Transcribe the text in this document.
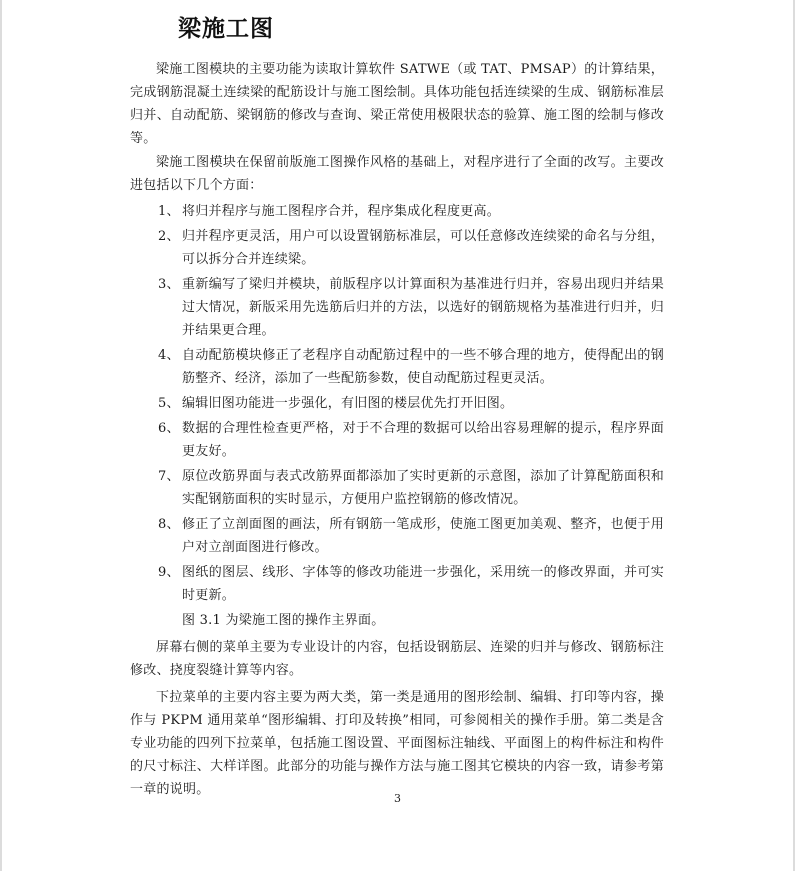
梁施工图

梁施工图模块的主要功能为读取计算软件 SATWE（或 TAT、PMSAP）的计算结果，完成钢筋混凝土连续梁的配筋设计与施工图绘制。具体功能包括连续梁的生成、钢筋标准层归并、自动配筋、梁钢筋的修改与查询、梁正常使用极限状态的验算、施工图的绘制与修改等。

梁施工图模块在保留前版施工图操作风格的基础上，对程序进行了全面的改写。主要改进包括以下几个方面：

1、 将归并程序与施工图程序合并，程序集成化程度更高。
2、 归并程序更灵活，用户可以设置钢筋标准层，可以任意修改连续梁的命名与分组，可以拆分合并连续梁。
3、 重新编写了梁归并模块，前版程序以计算面积为基准进行归并，容易出现归并结果过大情况，新版采用先选筋后归并的方法，以选好的钢筋规格为基准进行归并，归并结果更合理。
4、 自动配筋模块修正了老程序自动配筋过程中的一些不够合理的地方，使得配出的钢筋整齐、经济，添加了一些配筋参数，使自动配筋过程更灵活。
5、 编辑旧图功能进一步强化，有旧图的楼层优先打开旧图。
6、 数据的合理性检查更严格，对于不合理的数据可以给出容易理解的提示，程序界面更友好。
7、 原位改筋界面与表式改筋界面都添加了实时更新的示意图，添加了计算配筋面积和实配钢筋面积的实时显示，方便用户监控钢筋的修改情况。
8、 修正了立剖面图的画法，所有钢筋一笔成形，使施工图更加美观、整齐，也便于用户对立剖面图进行修改。
9、 图纸的图层、线形、字体等的修改功能进一步强化，采用统一的修改界面，并可实时更新。

图 3.1 为梁施工图的操作主界面。

屏幕右侧的菜单主要为专业设计的内容，包括设钢筋层、连梁的归并与修改、钢筋标注修改、挠度裂缝计算等内容。

下拉菜单的主要内容主要为两大类，第一类是通用的图形绘制、编辑、打印等内容，操作与 PKPM 通用菜单“图形编辑、打印及转换”相同，可参阅相关的操作手册。第二类是含专业功能的四列下拉菜单，包括施工图设置、平面图标注轴线、平面图上的构件标注和构件的尺寸标注、大样详图。此部分的功能与操作方法与施工图其它模块的内容一致，请参考第一章的说明。

3
